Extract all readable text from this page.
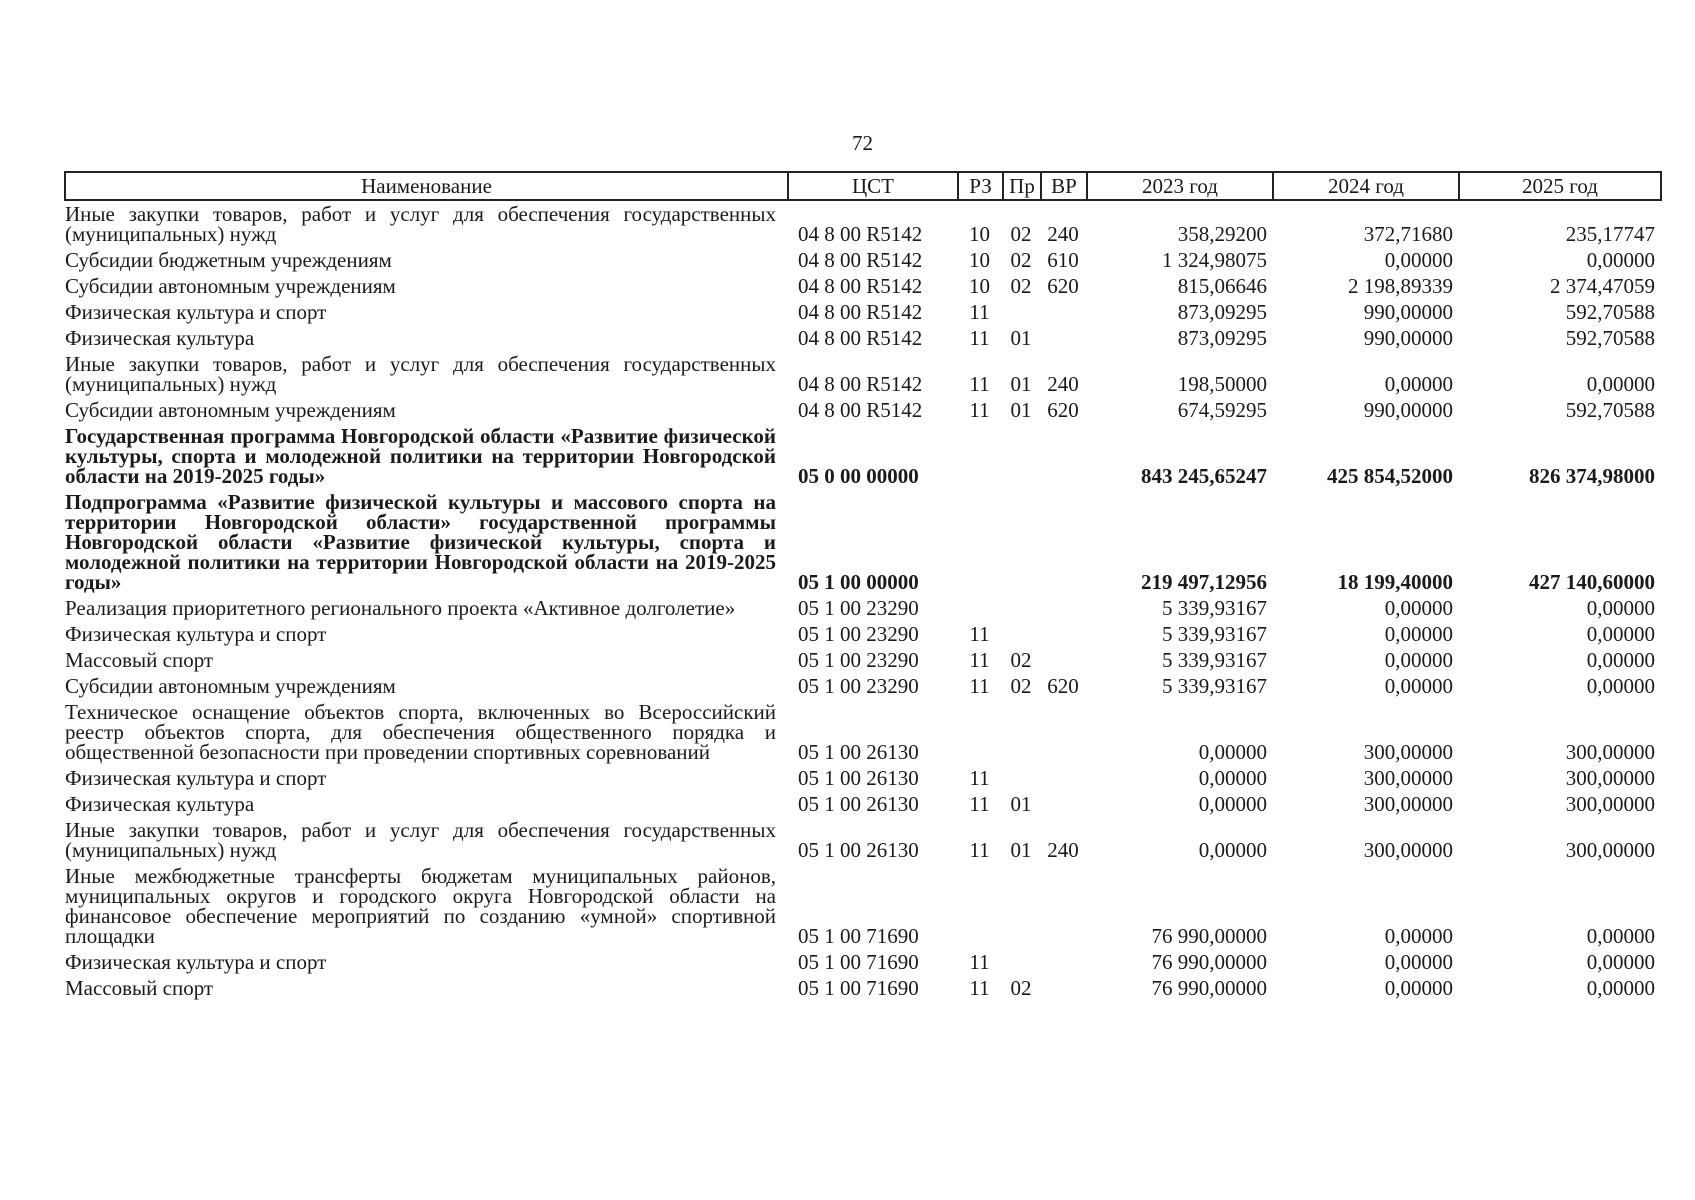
72
Наименование	ЦСТ	РЗ	Пр	ВР	2023 год	2024 год	2025 год
Иные закупки товаров, работ и услуг для обеспечения государственных (муниципальных) нужд	04 8 00 R5142	10	02	240	358,29200	372,71680	235,17747
Субсидии бюджетным учреждениям	04 8 00 R5142	10	02	610	1 324,98075	0,00000	0,00000
Субсидии автономным учреждениям	04 8 00 R5142	10	02	620	815,06646	2 198,89339	2 374,47059
Физическая культура и спорт	04 8 00 R5142	11			873,09295	990,00000	592,70588
Физическая культура	04 8 00 R5142	11	01		873,09295	990,00000	592,70588
Иные закупки товаров, работ и услуг для обеспечения государственных (муниципальных) нужд	04 8 00 R5142	11	01	240	198,50000	0,00000	0,00000
Субсидии автономным учреждениям	04 8 00 R5142	11	01	620	674,59295	990,00000	592,70588
Государственная программа Новгородской области «Развитие физической культуры, спорта и молодежной политики на территории Новгородской области на 2019-2025 годы»	05 0 00 00000				843 245,65247	425 854,52000	826 374,98000
Подпрограмма «Развитие физической культуры и массового спорта на территории Новгородской области» государственной программы Новгородской области «Развитие физической культуры, спорта и молодежной политики на территории Новгородской области на 2019-2025 годы»	05 1 00 00000				219 497,12956	18 199,40000	427 140,60000
Реализация приоритетного регионального проекта «Активное долголетие»	05 1 00 23290				5 339,93167	0,00000	0,00000
Физическая культура и спорт	05 1 00 23290	11			5 339,93167	0,00000	0,00000
Массовый спорт	05 1 00 23290	11	02		5 339,93167	0,00000	0,00000
Субсидии автономным учреждениям	05 1 00 23290	11	02	620	5 339,93167	0,00000	0,00000
Техническое оснащение объектов спорта, включенных во Всероссийский реестр объектов спорта, для обеспечения общественного порядка и общественной безопасности при проведении спортивных соревнований	05 1 00 26130				0,00000	300,00000	300,00000
Физическая культура и спорт	05 1 00 26130	11			0,00000	300,00000	300,00000
Физическая культура	05 1 00 26130	11	01		0,00000	300,00000	300,00000
Иные закупки товаров, работ и услуг для обеспечения государственных (муниципальных) нужд	05 1 00 26130	11	01	240	0,00000	300,00000	300,00000
Иные межбюджетные трансферты бюджетам муниципальных районов, муниципальных округов и городского округа Новгородской области на финансовое обеспечение мероприятий по созданию «умной» спортивной площадки	05 1 00 71690				76 990,00000	0,00000	0,00000
Физическая культура и спорт	05 1 00 71690	11			76 990,00000	0,00000	0,00000
Массовый спорт	05 1 00 71690	11	02		76 990,00000	0,00000	0,00000
